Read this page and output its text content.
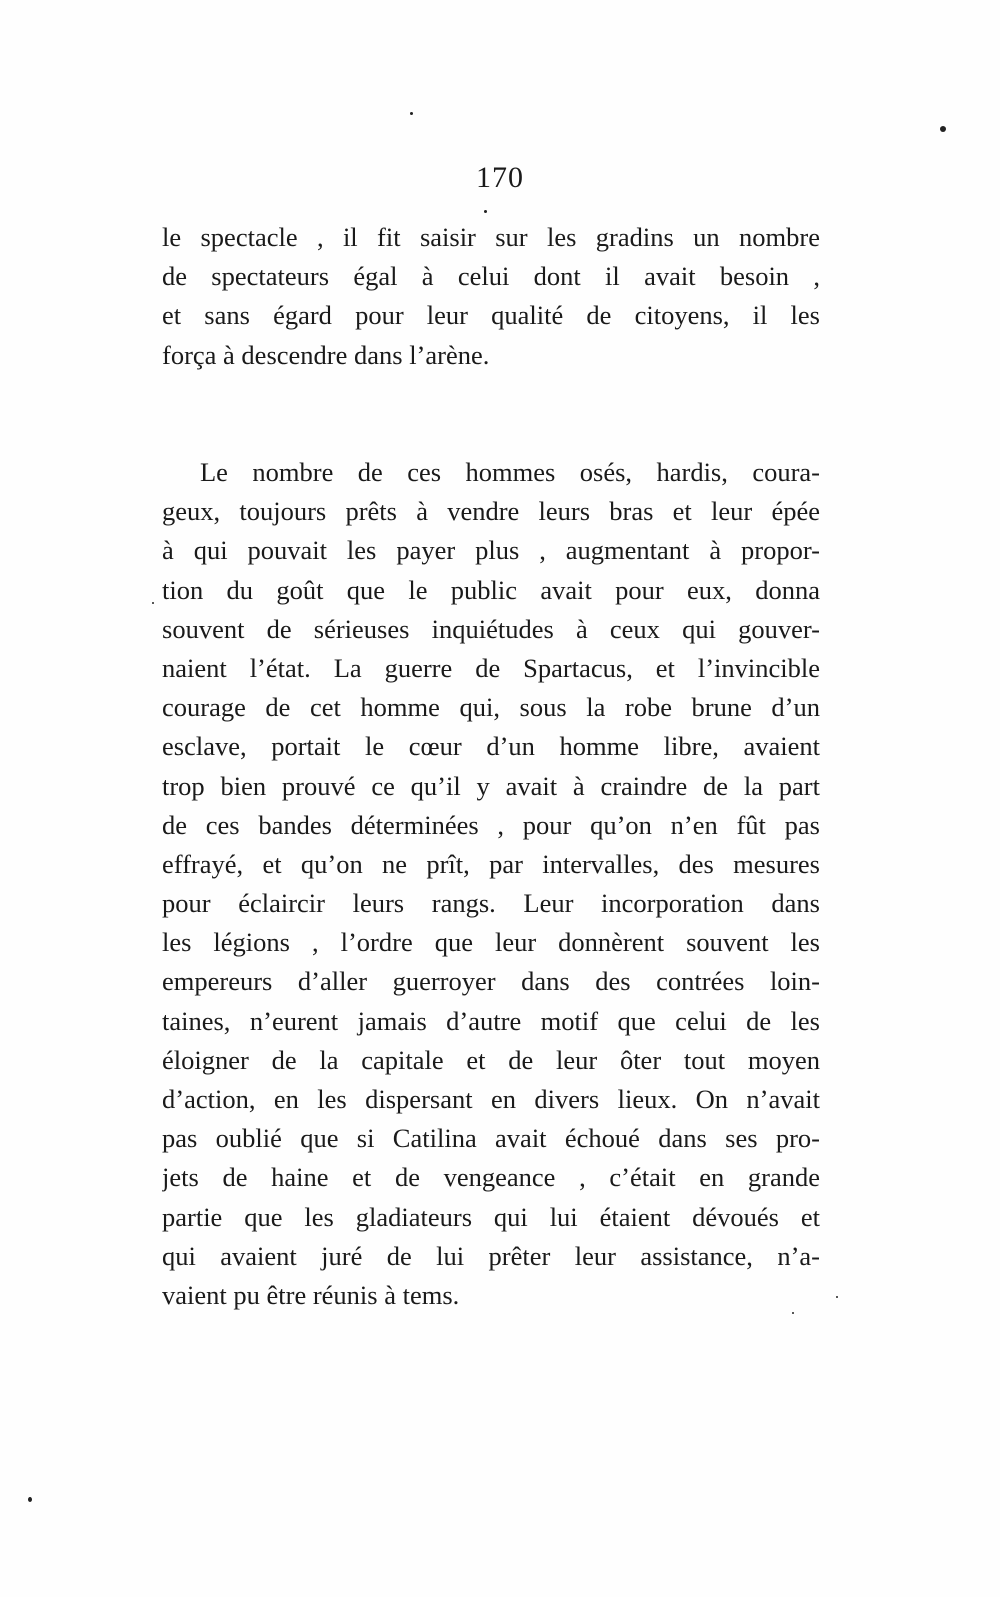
170
le spectacle , il fit saisir sur les gradins un nombre
de spectateurs égal à celui dont il avait besoin ,
et sans égard pour leur qualité de citoyens, il les
força à descendre dans l’arène.
Le nombre de ces hommes osés, hardis, coura-
geux, toujours prêts à vendre leurs bras et leur épée
à qui pouvait les payer plus , augmentant à propor-
tion du goût que le public avait pour eux, donna
souvent de sérieuses inquiétudes à ceux qui gouver-
naient l’état. La guerre de Spartacus, et l’invincible
courage de cet homme qui, sous la robe brune d’un
esclave, portait le cœur d’un homme libre, avaient
trop bien prouvé ce qu’il y avait à craindre de la part
de ces bandes déterminées , pour qu’on n’en fût pas
effrayé, et qu’on ne prît, par intervalles, des mesures
pour éclaircir leurs rangs. Leur incorporation dans
les légions , l’ordre que leur donnèrent souvent les
empereurs d’aller guerroyer dans des contrées loin-
taines, n’eurent jamais d’autre motif que celui de les
éloigner de la capitale et de leur ôter tout moyen
d’action, en les dispersant en divers lieux. On n’avait
pas oublié que si Catilina avait échoué dans ses pro-
jets de haine et de vengeance , c’était en grande
partie que les gladiateurs qui lui étaient dévoués et
qui avaient juré de lui prêter leur assistance, n’a-
vaient pu être réunis à tems.
